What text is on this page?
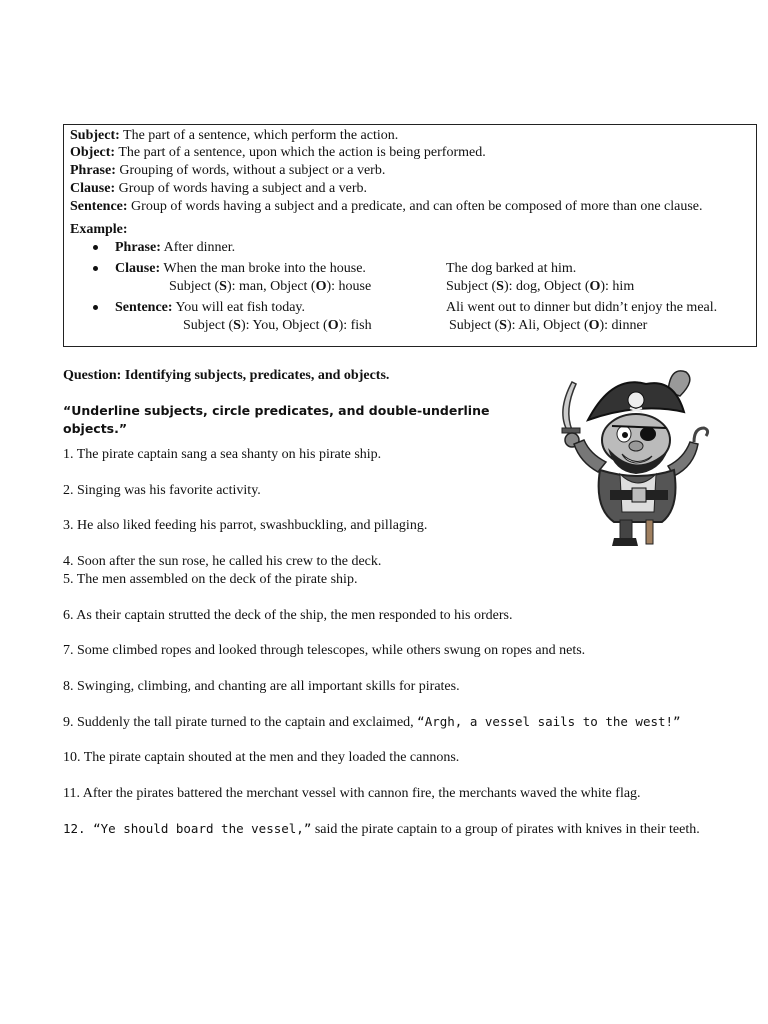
Subject: The part of a sentence, which perform the action.
Object: The part of a sentence, upon which the action is being performed.
Phrase: Grouping of words, without a subject or a verb.
Clause: Group of words having a subject and a verb.
Sentence: Group of words having a subject and a predicate, and can often be composed of more than one clause.
Example:
Phrase: After dinner.
Clause: When the man broke into the house.	The dog barked at him.
Subject (S): man, Object (O): house	Subject (S): dog, Object (O): him
Sentence: You will eat fish today.	Ali went out to dinner but didn’t enjoy the meal.
Subject (S): You, Object (O): fish	Subject (S): Ali, Object (O): dinner
Question: Identifying subjects, predicates, and objects.
“Underline subjects, circle predicates, and double-underline
objects.”
1. The pirate captain sang a sea shanty on his pirate ship.
2. Singing was his favorite activity.
3. He also liked feeding his parrot, swashbuckling, and pillaging.
4. Soon after the sun rose, he called his crew to the deck.
5. The men assembled on the deck of the pirate ship.
6. As their captain strutted the deck of the ship, the men responded to his orders.
7. Some climbed ropes and looked through telescopes, while others swung on ropes and nets.
8. Swinging, climbing, and chanting are all important skills for pirates.
9. Suddenly the tall pirate turned to the captain and exclaimed, “Argh, a vessel sails to the west!”
10. The pirate captain shouted at the men and they loaded the cannons.
11. After the pirates battered the merchant vessel with cannon fire, the merchants waved the white flag.
12. “Ye should board the vessel,” said the pirate captain to a group of pirates with knives in their teeth.
